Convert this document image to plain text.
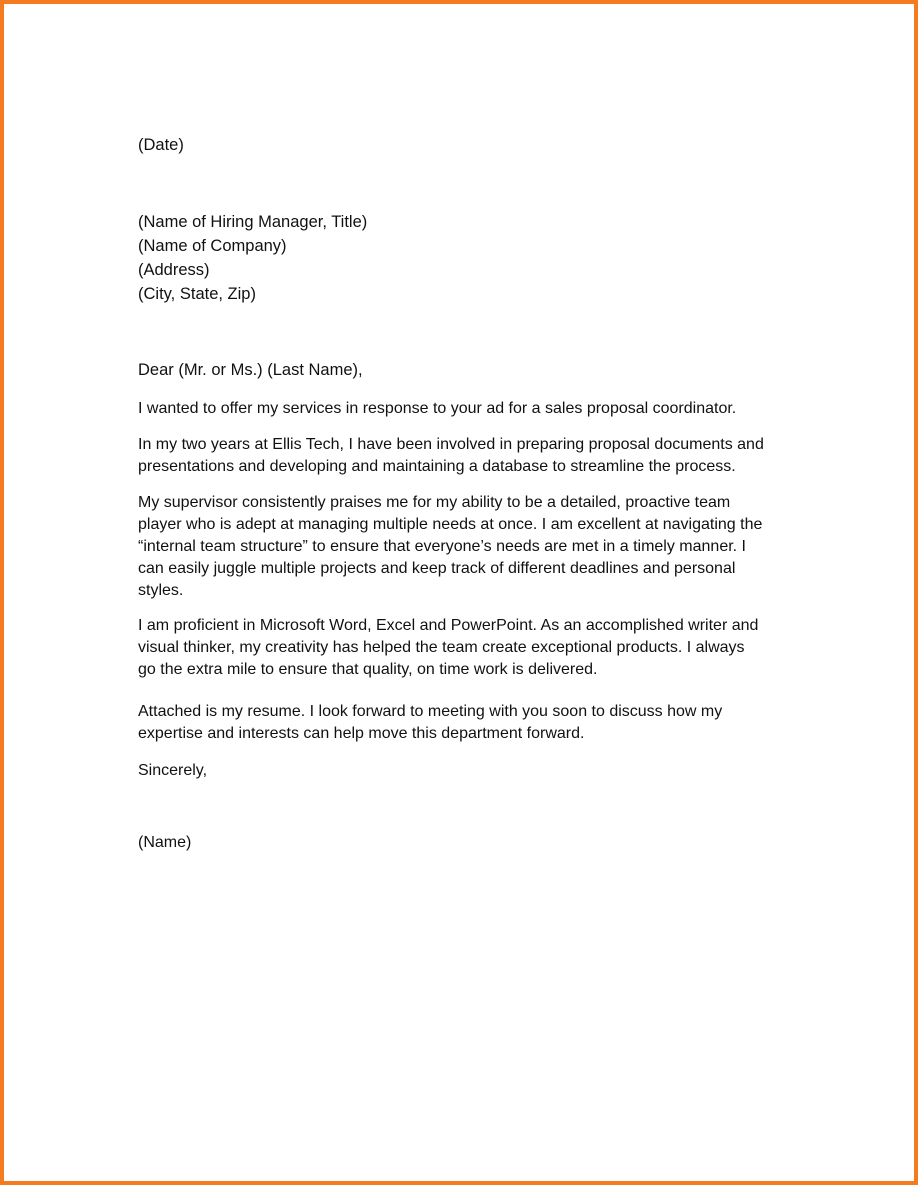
(Date)
(Name of Hiring Manager, Title)
(Name of Company)
(Address)
(City, State, Zip)
Dear (Mr. or Ms.) (Last Name),
I wanted to offer my services in response to your ad for a sales proposal coordinator.
In my two years at Ellis Tech, I have been involved in preparing proposal documents and
presentations and developing and maintaining a database to streamline the process.
My supervisor consistently praises me for my ability to be a detailed, proactive team
player who is adept at managing multiple needs at once. I am excellent at navigating the
“internal team structure” to ensure that everyone’s needs are met in a timely manner. I
can easily juggle multiple projects and keep track of different deadlines and personal
styles.
I am proficient in Microsoft Word, Excel and PowerPoint. As an accomplished writer and
visual thinker, my creativity has helped the team create exceptional products. I always
go the extra mile to ensure that quality, on time work is delivered.
Attached is my resume. I look forward to meeting with you soon to discuss how my
expertise and interests can help move this department forward.
Sincerely,
(Name)
